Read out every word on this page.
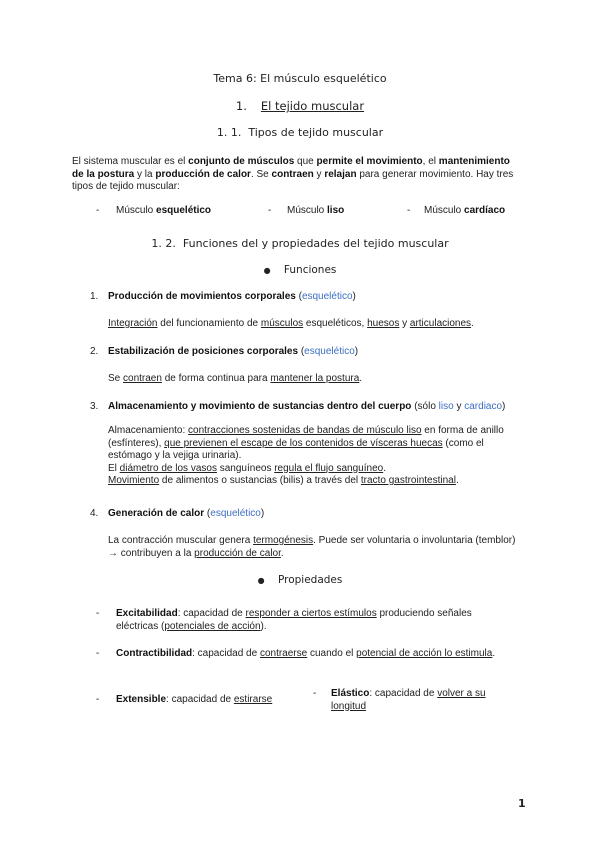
Tema 6: El músculo esquelético
1. El tejido muscular
1. 1. Tipos de tejido muscular
El sistema muscular es el conjunto de músculos que permite el movimiento, el mantenimiento de la postura y la producción de calor. Se contraen y relajan para generar movimiento. Hay tres tipos de tejido muscular:
- Músculo esquelético	- Músculo liso	- Músculo cardíaco
1. 2. Funciones del y propiedades del tejido muscular
● Funciones
1. Producción de movimientos corporales (esquelético)
Integración del funcionamiento de músculos esqueléticos, huesos y articulaciones.
2. Estabilización de posiciones corporales (esquelético)
Se contraen de forma continua para mantener la postura.
3. Almacenamiento y movimiento de sustancias dentro del cuerpo (sólo liso y cardiaco)
Almacenamiento: contracciones sostenidas de bandas de músculo liso en forma de anillo (esfínteres), que previenen el escape de los contenidos de vísceras huecas (como el estómago y la vejiga urinaria).
El diámetro de los vasos sanguíneos regula el flujo sanguíneo.
Movimiento de alimentos o sustancias (bilis) a través del tracto gastrointestinal.
4. Generación de calor (esquelético)
La contracción muscular genera termogénesis. Puede ser voluntaria o involuntaria (temblor) → contribuyen a la producción de calor.
● Propiedades
- Excitabilidad: capacidad de responder a ciertos estímulos produciendo señales eléctricas (potenciales de acción).
- Contractibilidad: capacidad de contraerse cuando el potencial de acción lo estimula.
- Extensible: capacidad de estirarse
- Elástico: capacidad de volver a su longitud
1
